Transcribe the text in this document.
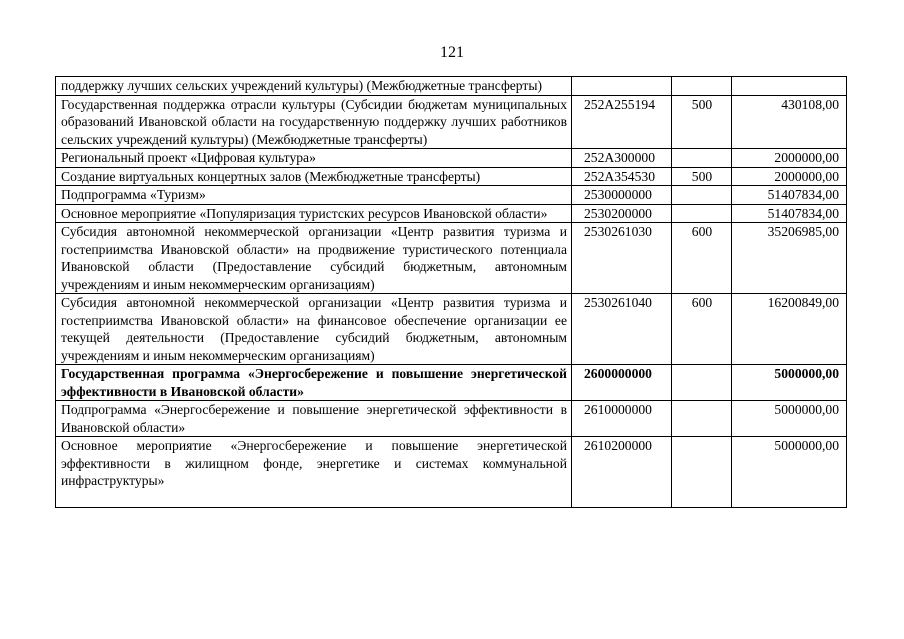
121
поддержку лучших сельских учреждений культуры) (Межбюджетные трансферты)			
Государственная поддержка отрасли культуры (Субсидии бюджетам муниципальных образований Ивановской области на государственную поддержку лучших работников сельских учреждений культуры) (Межбюджетные трансферты)	252A255194	500	430108,00
Региональный проект «Цифровая культура»	252A300000		2000000,00
Создание виртуальных концертных залов (Межбюджетные трансферты)	252A354530	500	2000000,00
Подпрограмма «Туризм»	2530000000		51407834,00
Основное мероприятие «Популяризация туристских ресурсов Ивановской области»	2530200000		51407834,00
Субсидия автономной некоммерческой организации «Центр развития туризма и гостеприимства Ивановской области» на продвижение туристического потенциала Ивановской области (Предоставление субсидий бюджетным, автономным учреждениям и иным некоммерческим организациям)	2530261030	600	35206985,00
Субсидия автономной некоммерческой организации «Центр развития туризма и гостеприимства Ивановской области» на финансовое обеспечение организации ее текущей деятельности (Предоставление субсидий бюджетным, автономным учреждениям и иным некоммерческим организациям)	2530261040	600	16200849,00
Государственная программа «Энергосбережение и повышение энергетической эффективности в Ивановской области»	2600000000		5000000,00
Подпрограмма «Энергосбережение и повышение энергетической эффективности в Ивановской области»	2610000000		5000000,00
Основное мероприятие «Энергосбережение и повышение энергетической эффективности в жилищном фонде, энергетике и системах коммунальной инфраструктуры»	2610200000		5000000,00
